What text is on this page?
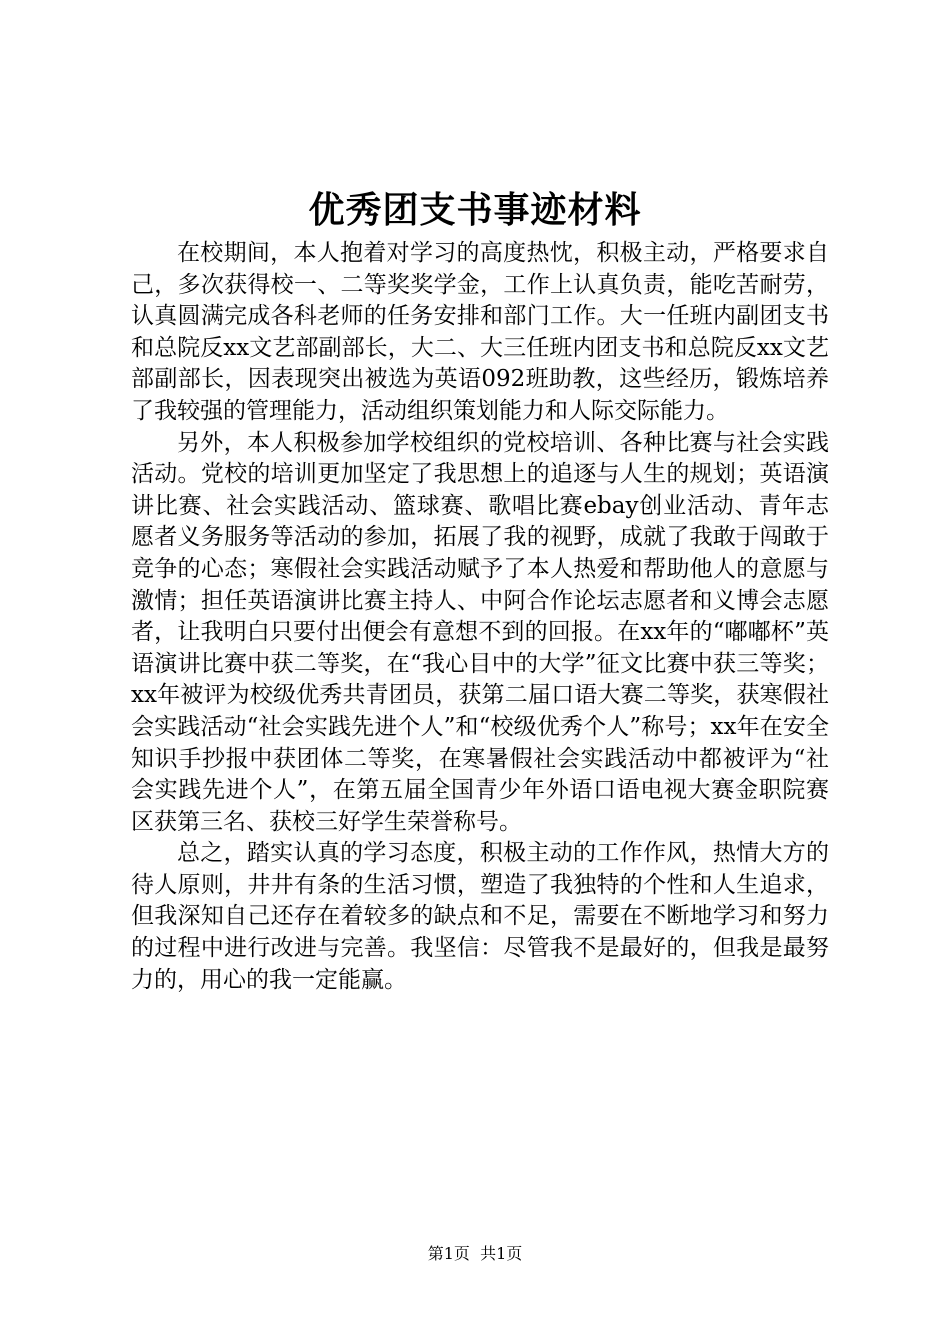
优秀团支书事迹材料

在校期间，本人抱着对学习的高度热忱，积极主动，严格要求自己，多次获得校一、二等奖奖学金，工作上认真负责，能吃苦耐劳，认真圆满完成各科老师的任务安排和部门工作。大一任班内副团支书和总院反xx文艺部副部长，大二、大三任班内团支书和总院反xx文艺部副部长，因表现突出被选为英语092班助教，这些经历，锻炼培养了我较强的管理能力，活动组织策划能力和人际交际能力。

另外，本人积极参加学校组织的党校培训、各种比赛与社会实践活动。党校的培训更加坚定了我思想上的追逐与人生的规划；英语演讲比赛、社会实践活动、篮球赛、歌唱比赛ebay创业活动、青年志愿者义务服务等活动的参加，拓展了我的视野，成就了我敢于闯敢于竞争的心态；寒假社会实践活动赋予了本人热爱和帮助他人的意愿与激情；担任英语演讲比赛主持人、中阿合作论坛志愿者和义博会志愿者，让我明白只要付出便会有意想不到的回报。在xx年的“嘟嘟杯”英语演讲比赛中获二等奖，在“我心目中的大学”征文比赛中获三等奖；xx年被评为校级优秀共青团员，获第二届口语大赛二等奖，获寒假社会实践活动“社会实践先进个人”和“校级优秀个人”称号；xx年在安全知识手抄报中获团体二等奖，在寒暑假社会实践活动中都被评为“社会实践先进个人”，在第五届全国青少年外语口语电视大赛金职院赛区获第三名、获校三好学生荣誉称号。

总之，踏实认真的学习态度，积极主动的工作作风，热情大方的待人原则，井井有条的生活习惯，塑造了我独特的个性和人生追求，但我深知自己还存在着较多的缺点和不足，需要在不断地学习和努力的过程中进行改进与完善。我坚信：尽管我不是最好的，但我是最努力的，用心的我一定能赢。

第1页  共1页
